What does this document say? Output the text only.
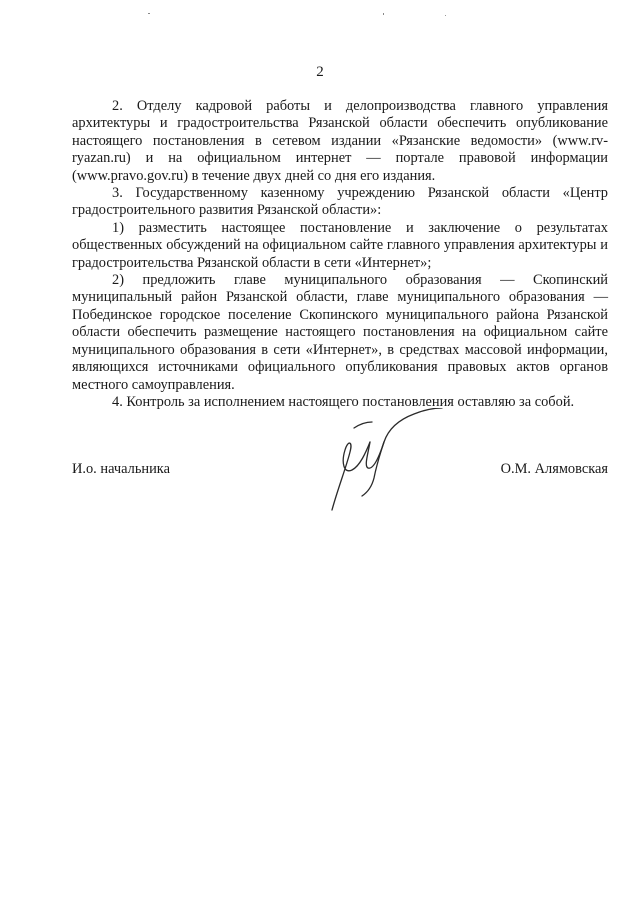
2

2. Отделу кадровой работы и делопроизводства главного управления архитектуры и градостроительства Рязанской области обеспечить опубликование настоящего постановления в сетевом издании «Рязанские ведомости» (www.rv-ryazan.ru) и на официальном интернет — портале правовой информации (www.pravo.gov.ru) в течение двух дней со дня его издания.

3. Государственному казенному учреждению Рязанской области «Центр градостроительного развития Рязанской области»:

1) разместить настоящее постановление и заключение о результатах общественных обсуждений на официальном сайте главного управления архитектуры и градостроительства Рязанской области в сети «Интернет»;

2) предложить главе муниципального образования — Скопинский муниципальный район Рязанской области, главе муниципального образования — Побединское городское поселение Скопинского муниципального района Рязанской области обеспечить размещение настоящего постановления на официальном сайте муниципального образования в сети «Интернет», в средствах массовой информации, являющихся источниками официального опубликования правовых актов органов местного самоуправления.

4. Контроль за исполнением настоящего постановления оставляю за собой.

И.о. начальника	О.М. Алямовская
